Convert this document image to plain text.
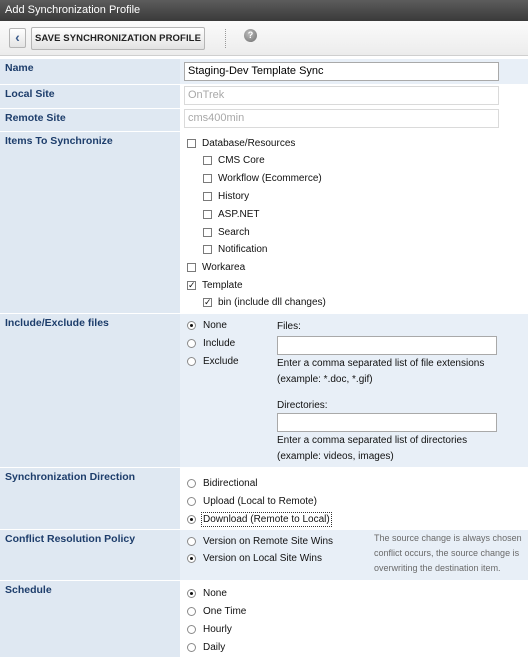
Add Synchronization Profile
‹	SAVE SYNCHRONIZATION PROFILE	?
Name	Staging-Dev Template Sync
Local Site	OnTrek
Remote Site	cms400min
Items To Synchronize	Database/Resources
CMS Core
Workflow (Ecommerce)
History
ASP.NET
Search
Notification
Workarea
✓ Template
✓ bin (include dll changes)
Include/Exclude files	None
Include
Exclude
Files:
Enter a comma separated list of file extensions
(example: *.doc, *.gif)
Directories:
Enter a comma separated list of directories
(example: videos, images)
Synchronization Direction	Bidirectional
Upload (Local to Remote)
Download (Remote to Local)
Conflict Resolution Policy	Version on Remote Site Wins
Version on Local Site Wins
The source change is always chosen
conflict occurs, the source change is
overwriting the destination item.
Schedule	None
One Time
Hourly
Daily
